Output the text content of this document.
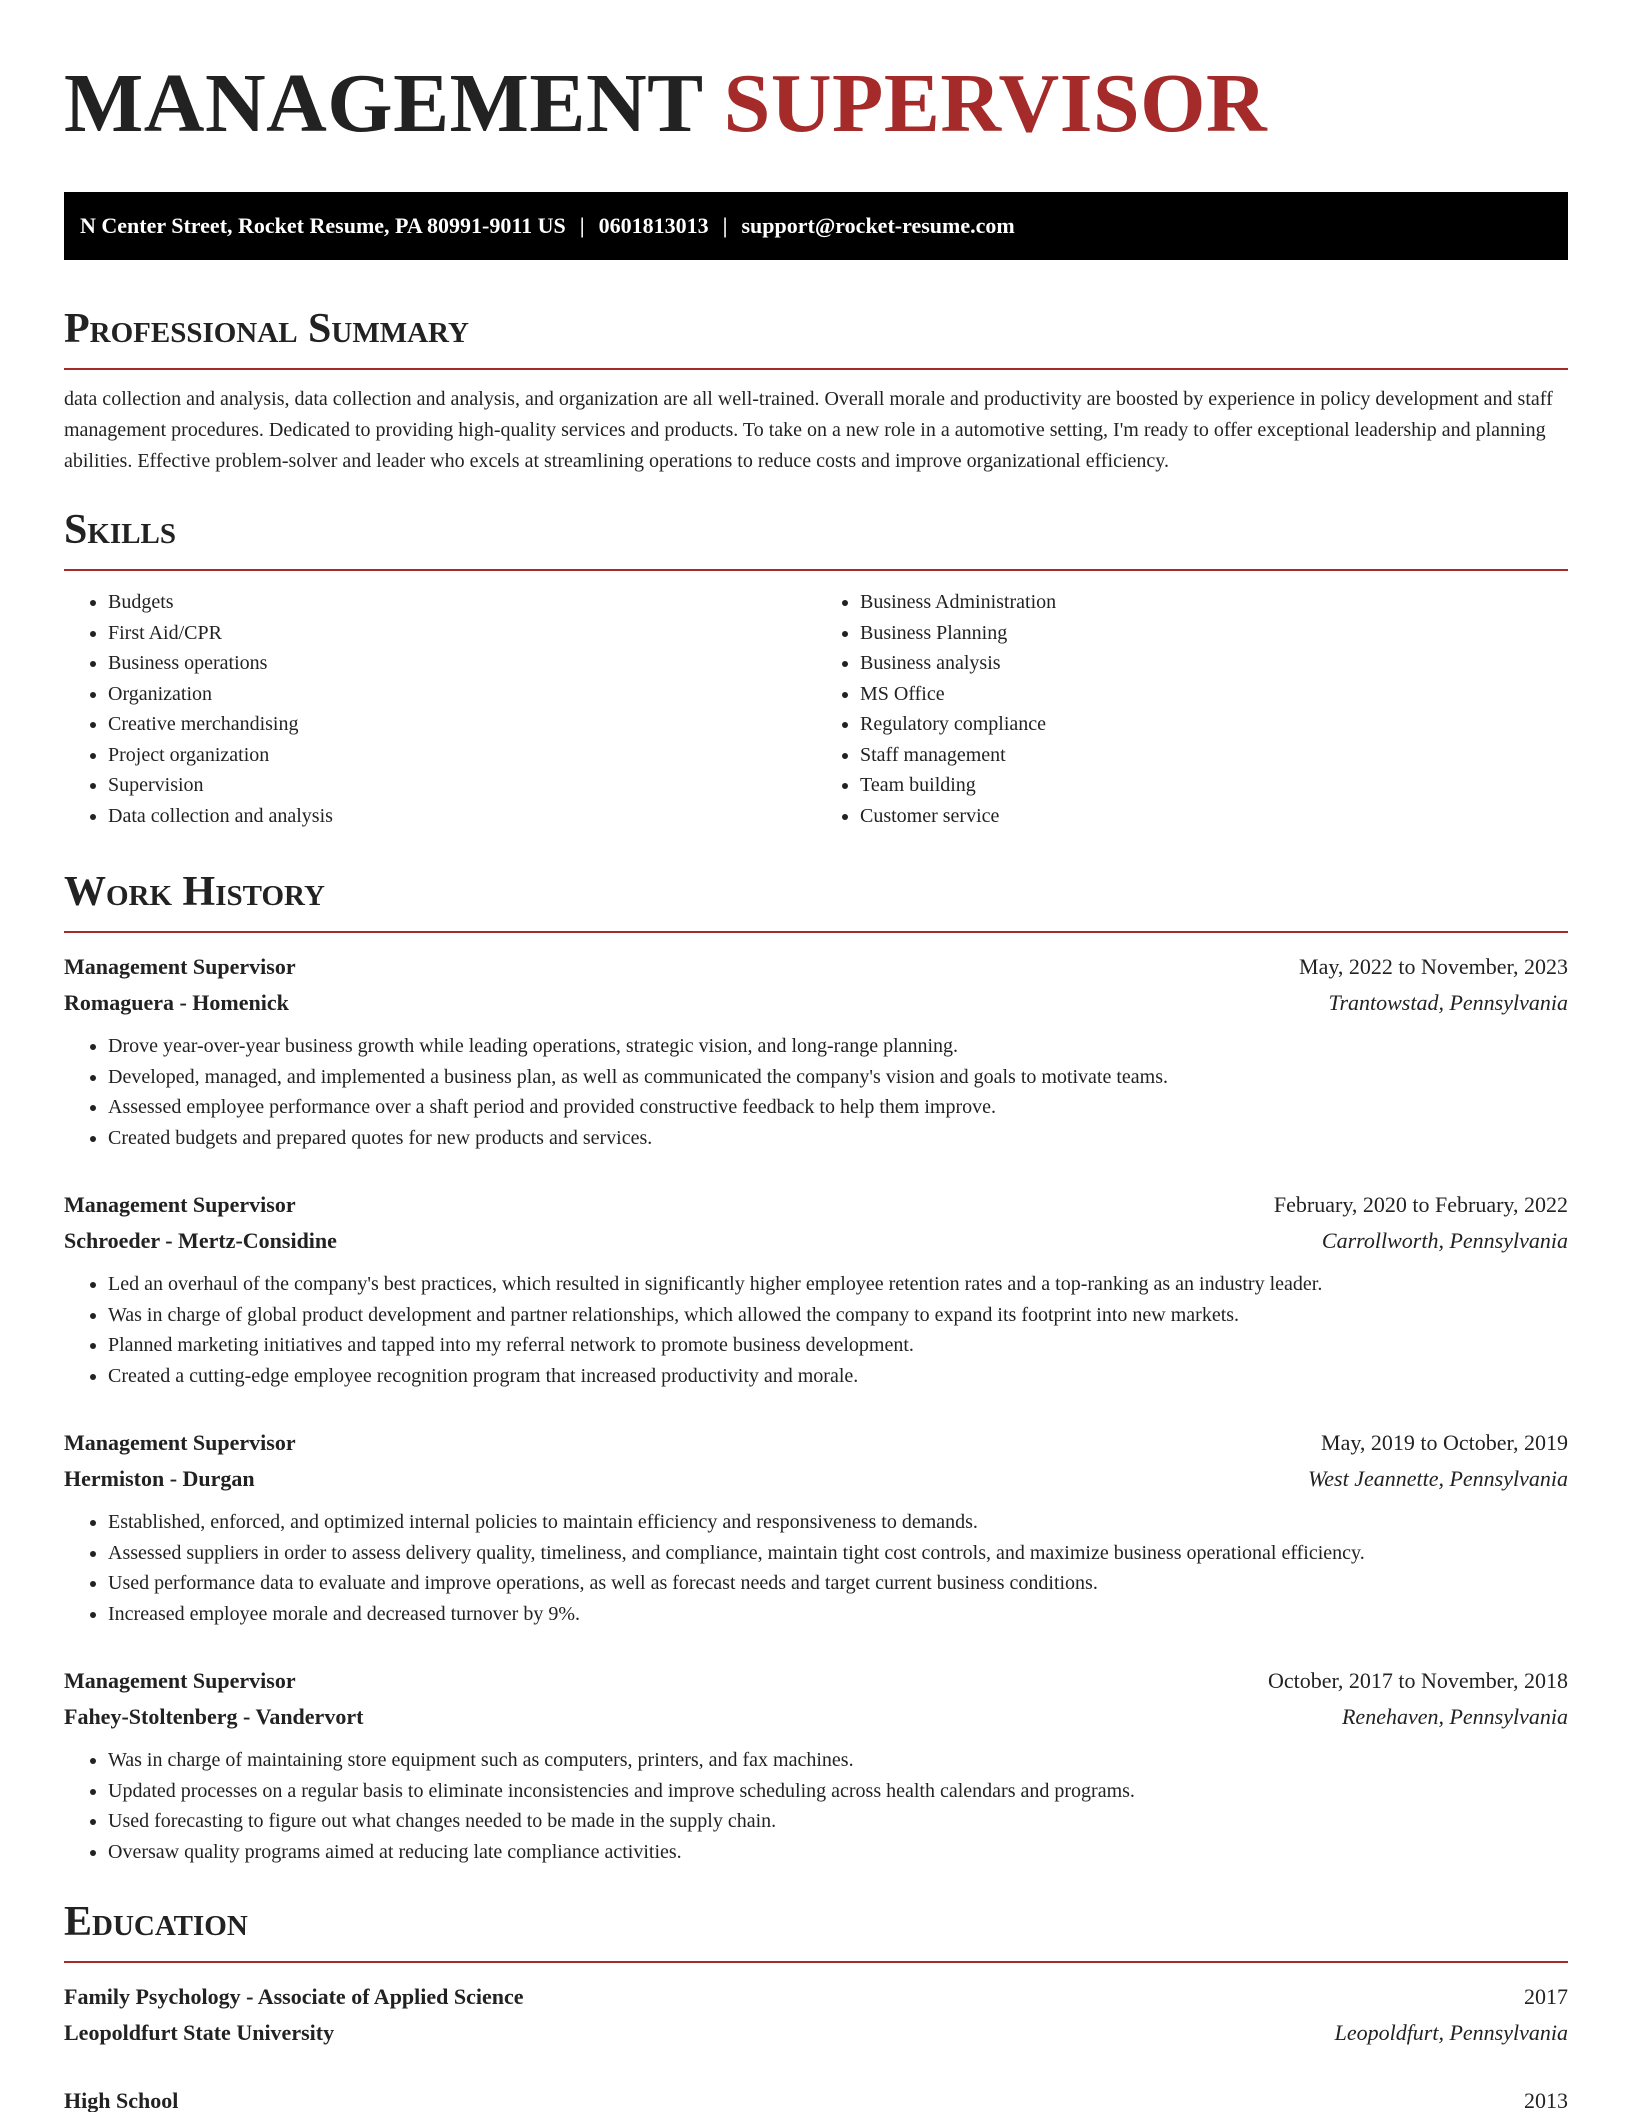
MANAGEMENT SUPERVISOR
N Center Street, Rocket Resume, PA 80991-9011 US | 0601813013 | support@rocket-resume.com
Professional Summary

data collection and analysis, data collection and analysis, and organization are all well-trained. Overall morale and productivity are boosted by experience in policy development and staff management procedures. Dedicated to providing high-quality services and products. To take on a new role in a automotive setting, I'm ready to offer exceptional leadership and planning abilities. Effective problem-solver and leader who excels at streamlining operations to reduce costs and improve organizational efficiency.

Skills
• Budgets
• First Aid/CPR
• Business operations
• Organization
• Creative merchandising
• Project organization
• Supervision
• Data collection and analysis
• Business Administration
• Business Planning
• Business analysis
• MS Office
• Regulatory compliance
• Staff management
• Team building
• Customer service
Work History
Management Supervisor	May, 2022 to November, 2023
Romaguera - Homenick	Trantowstad, Pennsylvania
• Drove year-over-year business growth while leading operations, strategic vision, and long-range planning.
• Developed, managed, and implemented a business plan, as well as communicated the company's vision and goals to motivate teams.
• Assessed employee performance over a shaft period and provided constructive feedback to help them improve.
• Created budgets and prepared quotes for new products and services.
Management Supervisor	February, 2020 to February, 2022
Schroeder - Mertz-Considine	Carrollworth, Pennsylvania
• Led an overhaul of the company's best practices, which resulted in significantly higher employee retention rates and a top-ranking as an industry leader.
• Was in charge of global product development and partner relationships, which allowed the company to expand its footprint into new markets.
• Planned marketing initiatives and tapped into my referral network to promote business development.
• Created a cutting-edge employee recognition program that increased productivity and morale.
Management Supervisor	May, 2019 to October, 2019
Hermiston - Durgan	West Jeannette, Pennsylvania
• Established, enforced, and optimized internal policies to maintain efficiency and responsiveness to demands.
• Assessed suppliers in order to assess delivery quality, timeliness, and compliance, maintain tight cost controls, and maximize business operational efficiency.
• Used performance data to evaluate and improve operations, as well as forecast needs and target current business conditions.
• Increased employee morale and decreased turnover by 9%.
Management Supervisor	October, 2017 to November, 2018
Fahey-Stoltenberg - Vandervort	Renehaven, Pennsylvania
• Was in charge of maintaining store equipment such as computers, printers, and fax machines.
• Updated processes on a regular basis to eliminate inconsistencies and improve scheduling across health calendars and programs.
• Used forecasting to figure out what changes needed to be made in the supply chain.
• Oversaw quality programs aimed at reducing late compliance activities.
Education
Family Psychology - Associate of Applied Science	2017
Leopoldfurt State University	Leopoldfurt, Pennsylvania
High School	2013
